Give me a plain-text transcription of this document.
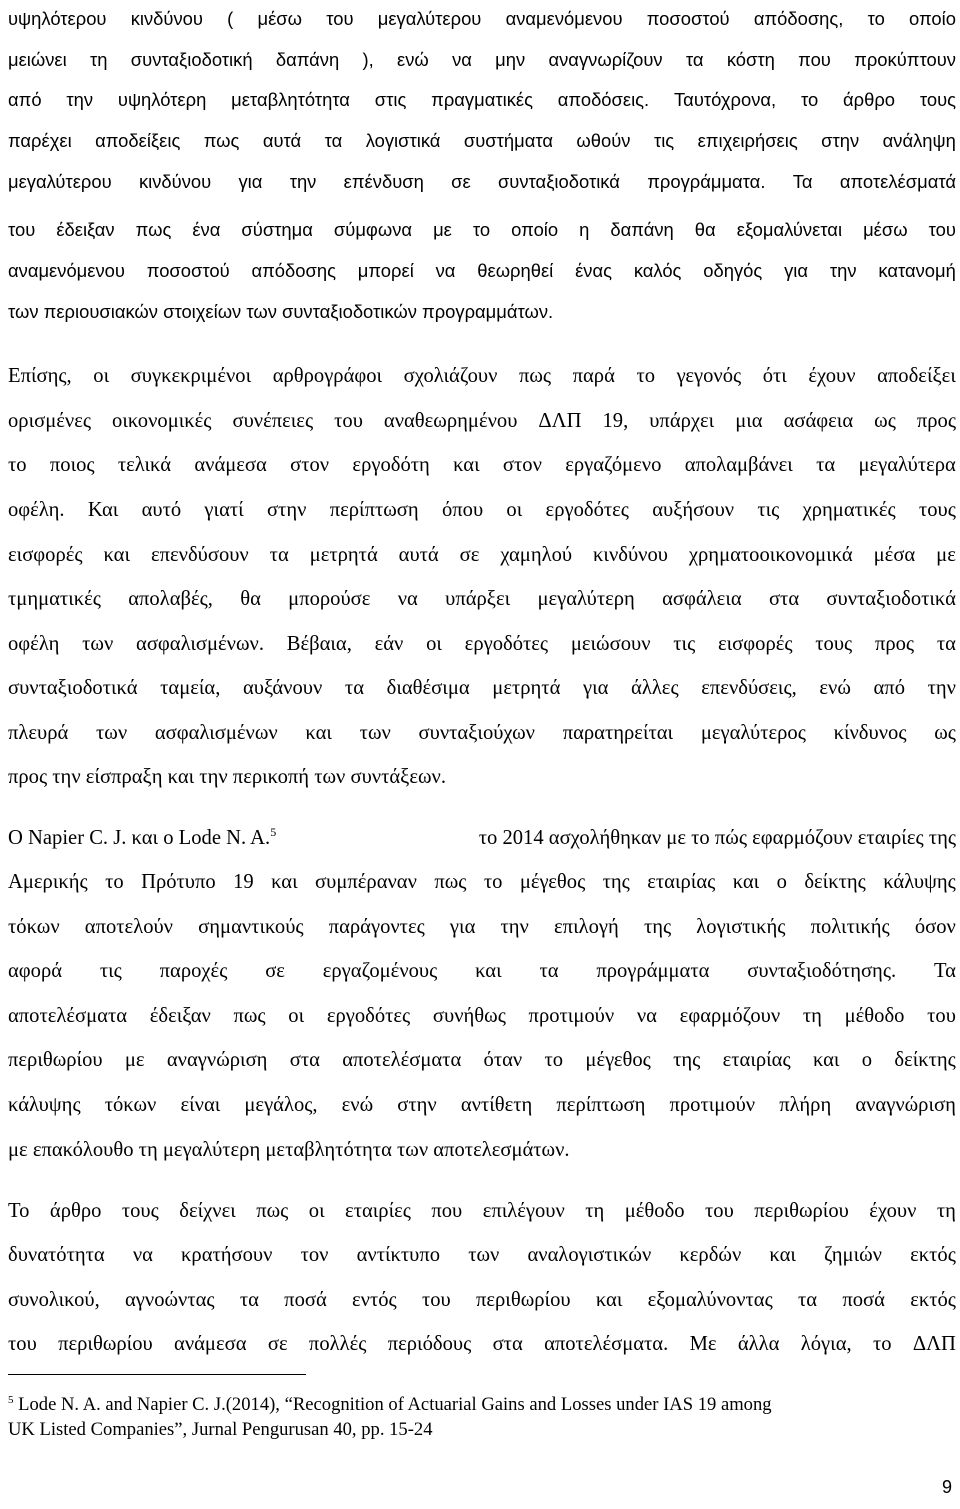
υψηλότερου κινδύνου ( μέσω του μεγαλύτερου αναμενόμενου ποσοστού απόδοσης, το οποίο
μειώνει τη συνταξιοδοτική δαπάνη ), ενώ να μην αναγνωρίζουν τα κόστη που προκύπτουν
από την υψηλότερη μεταβλητότητα στις πραγματικές αποδόσεις. Ταυτόχρονα, το άρθρο τους
παρέχει αποδείξεις πως αυτά τα λογιστικά συστήματα ωθούν τις επιχειρήσεις στην ανάληψη
μεγαλύτερου κινδύνου για την επένδυση σε συνταξιοδοτικά προγράμματα. Τα αποτελέσματά
του έδειξαν πως ένα σύστημα σύμφωνα με το οποίο η δαπάνη θα εξομαλύνεται μέσω του
αναμενόμενου ποσοστού απόδοσης μπορεί να θεωρηθεί ένας καλός οδηγός για την κατανομή
των περιουσιακών στοιχείων των συνταξιοδοτικών προγραμμάτων.
Επίσης, οι συγκεκριμένοι αρθρογράφοι σχολιάζουν πως παρά το γεγονός ότι έχουν αποδείξει
ορισμένες οικονομικές συνέπειες του αναθεωρημένου ΔΛΠ 19, υπάρχει μια ασάφεια ως προς
το ποιος τελικά ανάμεσα στον εργοδότη και στον εργαζόμενο απολαμβάνει τα μεγαλύτερα
οφέλη. Και αυτό γιατί στην περίπτωση όπου οι εργοδότες αυξήσουν τις χρηματικές τους
εισφορές και επενδύσουν τα μετρητά αυτά σε χαμηλού κινδύνου χρηματοοικονομικά μέσα με
τμηματικές απολαβές, θα μπορούσε να υπάρξει μεγαλύτερη ασφάλεια στα συνταξιοδοτικά
οφέλη των ασφαλισμένων. Βέβαια, εάν οι εργοδότες μειώσουν τις εισφορές τους προς τα
συνταξιοδοτικά ταμεία, αυξάνουν τα διαθέσιμα μετρητά για άλλες επενδύσεις, ενώ από την
πλευρά των ασφαλισμένων και των συνταξιούχων παρατηρείται μεγαλύτερος κίνδυνος ως
προς την είσπραξη και την περικοπή των συντάξεων.
Ο Napier C. J. και ο Lode N. A.$^5$	το 2014 ασχολήθηκαν με το πώς εφαρμόζουν εταιρίες της
Αμερικής το Πρότυπο 19 και συμπέραναν πως το μέγεθος της εταιρίας και ο δείκτης κάλυψης
τόκων αποτελούν σημαντικούς παράγοντες για την επιλογή της λογιστικής πολιτικής όσον
αφορά τις παροχές σε εργαζομένους και τα προγράμματα συνταξιοδότησης. Τα
αποτελέσματα έδειξαν πως οι εργοδότες συνήθως προτιμούν να εφαρμόζουν τη μέθοδο του
περιθωρίου με αναγνώριση στα αποτελέσματα όταν το μέγεθος της εταιρίας και ο δείκτης
κάλυψης τόκων είναι μεγάλος, ενώ στην αντίθετη περίπτωση προτιμούν πλήρη αναγνώριση
με επακόλουθο τη μεγαλύτερη μεταβλητότητα των αποτελεσμάτων.
Το άρθρο τους δείχνει πως οι εταιρίες που επιλέγουν τη μέθοδο του περιθωρίου έχουν τη
δυνατότητα να κρατήσουν τον αντίκτυπο των αναλογιστικών κερδών και ζημιών εκτός
συνολικού, αγνοώντας τα ποσά εντός του περιθωρίου και εξομαλύνοντας τα ποσά εκτός
του περιθωρίου ανάμεσα σε πολλές περιόδους στα αποτελέσματα. Με άλλα λόγια, το ΔΛΠ
$^5$ Lode N. A. and Napier C. J.(2014), “Recognition of Actuarial Gains and Losses under IAS 19 among
UK Listed Companies”, Jurnal Pengurusan 40, pp. 15-24
9
